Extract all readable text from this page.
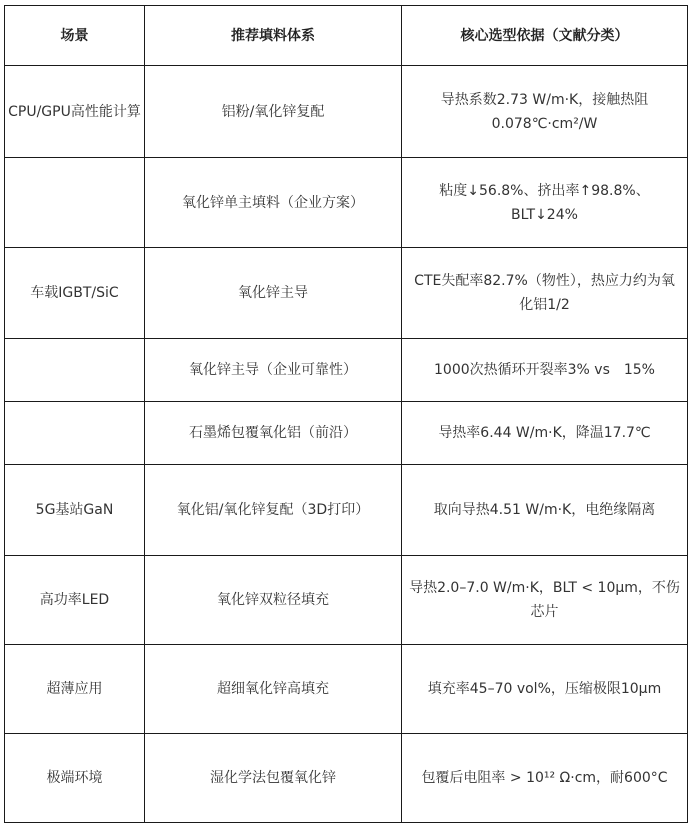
场景	推荐填料体系	核心选型依据（文献分类）
CPU/GPU高性能计算	铝粉/氧化锌复配	导热系数2.73 W/m·K，接触热阻0.078℃·cm²/W
	氧化锌单主填料（企业方案）	粘度↓56.8%、挤出率↑98.8%、BLT↓24%
车载IGBT/SiC	氧化锌主导	CTE失配率82.7%（物性），热应力约为氧化铝1/2
	氧化锌主导（企业可靠性）	1000次热循环开裂率3% vs　15%
	石墨烯包覆氧化铝（前沿）	导热率6.44 W/m·K，降温17.7℃
5G基站GaN	氧化铝/氧化锌复配（3D打印）	取向导热4.51 W/m·K，电绝缘隔离
高功率LED	氧化锌双粒径填充	导热2.0–7.0 W/m·K，BLT < 10μm，不伤芯片
超薄应用	超细氧化锌高填充	填充率45–70 vol%，压缩极限10μm
极端环境	湿化学法包覆氧化锌	包覆后电阻率 > 10¹² Ω·cm，耐600°C
